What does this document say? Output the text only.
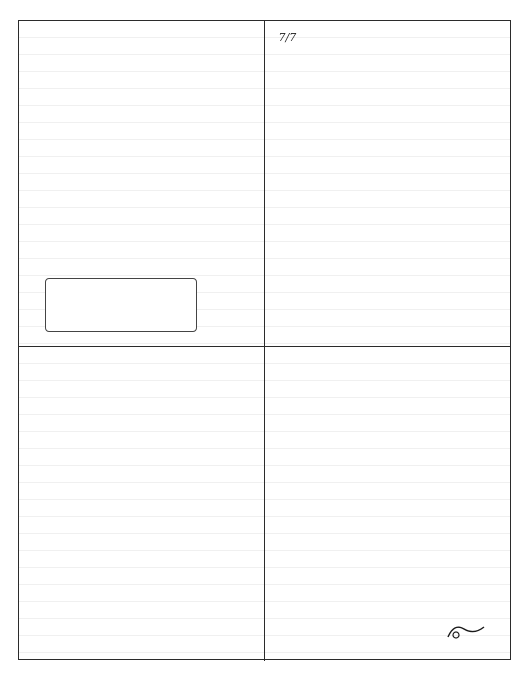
7/7
